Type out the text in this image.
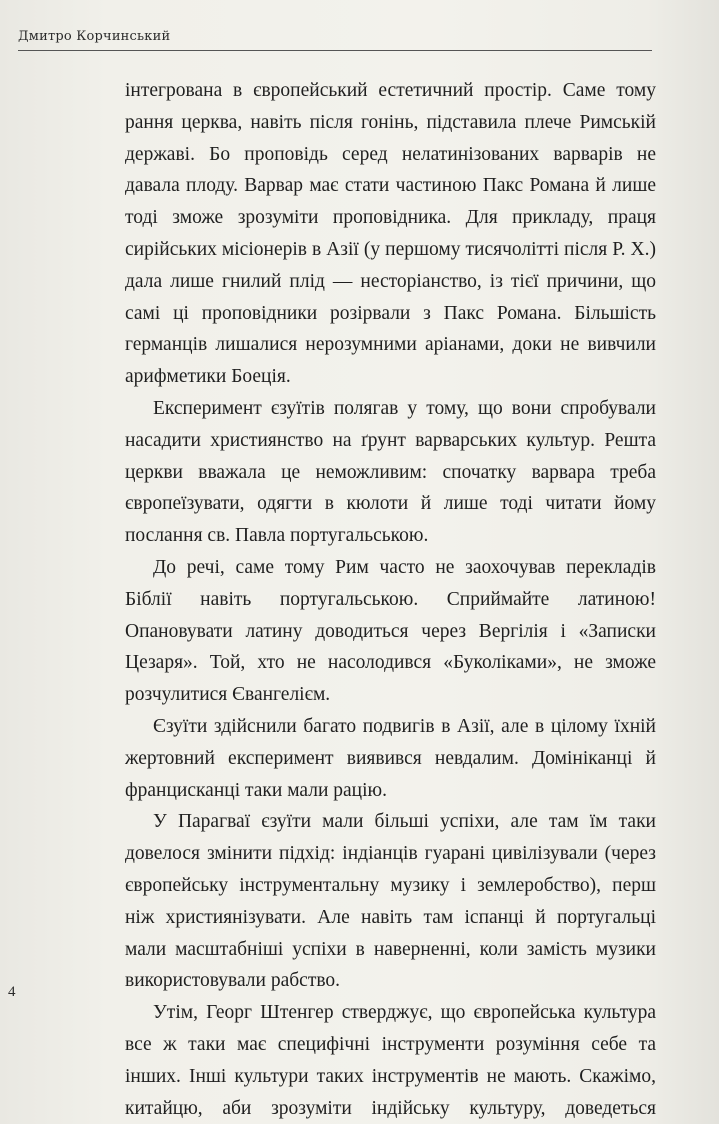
Дмитро Корчинський

інтегрована в європейський естетичний простір. Саме тому рання церква, навіть після гонінь, підставила плече Римській державі. Бо проповідь серед нелатинізованих варварів не давала плоду. Варвар має стати частиною Пакс Романа й лише тоді зможе зрозуміти проповідника. Для прикладу, праця сирійських місіонерів в Азії (у першому тисячолітті після Р. Х.) дала лише гнилий плід — несторіанство, із тієї причини, що самі ці проповідники розірвали з Пакс Романа. Більшість германців лишалися нерозумними аріанами, доки не вивчили арифметики Боеція.

Експеримент єзуїтів полягав у тому, що вони спробували насадити християнство на ґрунт варварських культур. Решта церкви вважала це неможливим: спочатку варвара треба європеїзувати, одягти в кюлоти й лише тоді читати йому послання св. Павла португальською.

До речі, саме тому Рим часто не заохочував перекладів Біблії навіть португальською. Сприймайте латиною! Опановувати латину доводиться через Вергілія і «Записки Цезаря». Той, хто не насолодився «Буколіками», не зможе розчулитися Євангелієм.

Єзуїти здійснили багато подвигів в Азії, але в цілому їхній жертовний експеримент виявився невдалим. Домініканці й францисканці таки мали рацію.

У Парагваї єзуїти мали більші успіхи, але там їм таки довелося змінити підхід: індіанців гуарані цивілізували (через європейську інструментальну музику і землеробство), перш ніж християнізувати. Але навіть там іспанці й португальці мали масштабніші успіхи в наверненні, коли замість музики використовували рабство.

Утім, Георг Штенгер стверджує, що європейська культура все ж таки має специфічні інструменти розуміння себе та інших. Інші культури таких інструментів не мають. Скажімо, китайцю, аби зрозуміти індійську культуру, доведеться

4
